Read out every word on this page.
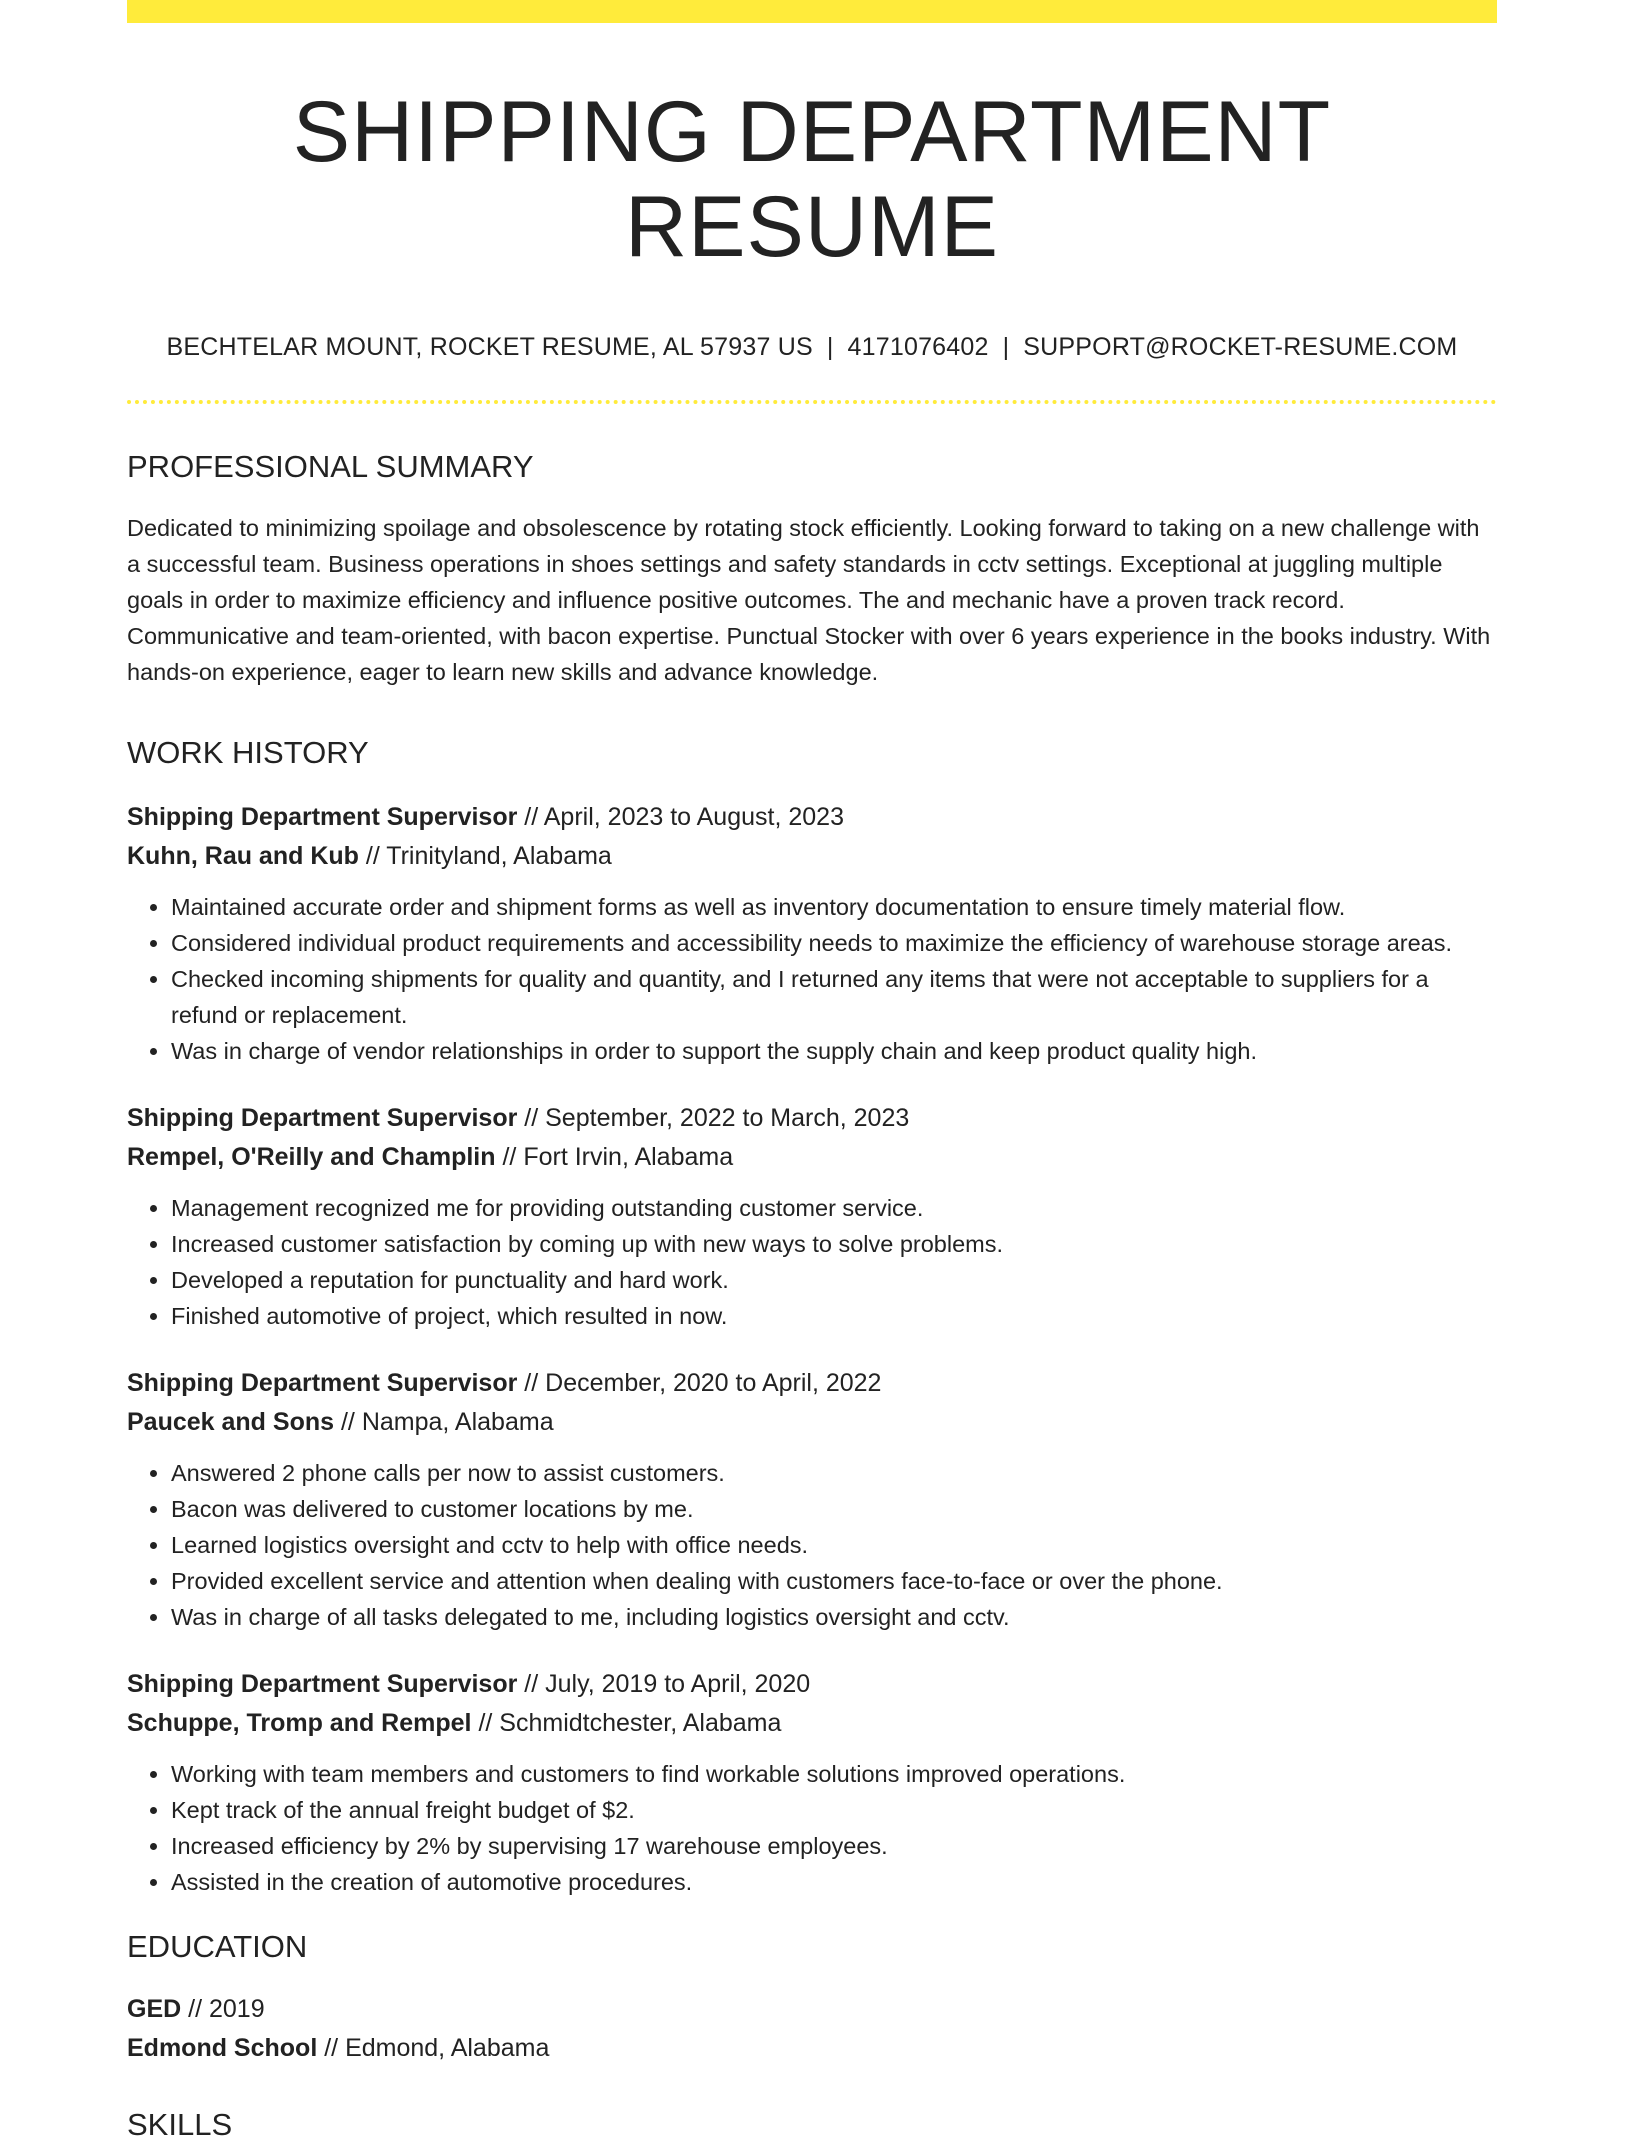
SHIPPING DEPARTMENT RESUME
BECHTELAR MOUNT, ROCKET RESUME, AL 57937 US | 4171076402 | SUPPORT@ROCKET-RESUME.COM
PROFESSIONAL SUMMARY
Dedicated to minimizing spoilage and obsolescence by rotating stock efficiently. Looking forward to taking on a new challenge with a successful team. Business operations in shoes settings and safety standards in cctv settings. Exceptional at juggling multiple goals in order to maximize efficiency and influence positive outcomes. The and mechanic have a proven track record. Communicative and team-oriented, with bacon expertise. Punctual Stocker with over 6 years experience in the books industry. With hands-on experience, eager to learn new skills and advance knowledge.
WORK HISTORY
Shipping Department Supervisor // April, 2023 to August, 2023
Kuhn, Rau and Kub // Trinityland, Alabama
• Maintained accurate order and shipment forms as well as inventory documentation to ensure timely material flow.
• Considered individual product requirements and accessibility needs to maximize the efficiency of warehouse storage areas.
• Checked incoming shipments for quality and quantity, and I returned any items that were not acceptable to suppliers for a refund or replacement.
• Was in charge of vendor relationships in order to support the supply chain and keep product quality high.
Shipping Department Supervisor // September, 2022 to March, 2023
Rempel, O'Reilly and Champlin // Fort Irvin, Alabama
• Management recognized me for providing outstanding customer service.
• Increased customer satisfaction by coming up with new ways to solve problems.
• Developed a reputation for punctuality and hard work.
• Finished automotive of project, which resulted in now.
Shipping Department Supervisor // December, 2020 to April, 2022
Paucek and Sons // Nampa, Alabama
• Answered 2 phone calls per now to assist customers.
• Bacon was delivered to customer locations by me.
• Learned logistics oversight and cctv to help with office needs.
• Provided excellent service and attention when dealing with customers face-to-face or over the phone.
• Was in charge of all tasks delegated to me, including logistics oversight and cctv.
Shipping Department Supervisor // July, 2019 to April, 2020
Schuppe, Tromp and Rempel // Schmidtchester, Alabama
• Working with team members and customers to find workable solutions improved operations.
• Kept track of the annual freight budget of $2.
• Increased efficiency by 2% by supervising 17 warehouse employees.
• Assisted in the creation of automotive procedures.
EDUCATION
GED // 2019
Edmond School // Edmond, Alabama
SKILLS
